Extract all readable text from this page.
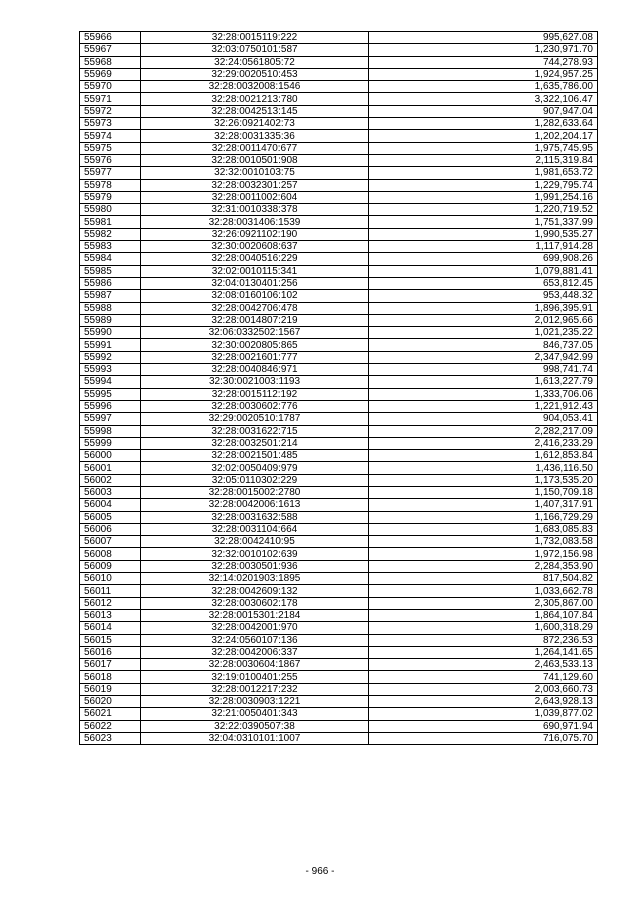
55966	32:28:0015119:222	995,627.08
55967	32:03:0750101:587	1,230,971.70
55968	32:24:0561805:72	744,278.93
55969	32:29:0020510:453	1,924,957.25
55970	32:28:0032008:1546	1,635,786.00
55971	32:28:0021213:780	3,322,106.47
55972	32:28:0042513:145	907,947.04
55973	32:26:0921402:73	1,282,633.64
55974	32:28:0031335:36	1,202,204.17
55975	32:28:0011470:677	1,975,745.95
55976	32:28:0010501:908	2,115,319.84
55977	32:32:0010103:75	1,981,653.72
55978	32:28:0032301:257	1,229,795.74
55979	32:28:0011002:604	1,991,254.16
55980	32:31:0010338:378	1,220,719.52
55981	32:28:0031406:1539	1,751,337.99
55982	32:26:0921102:190	1,990,535.27
55983	32:30:0020608:637	1,117,914.28
55984	32:28:0040516:229	699,908.26
55985	32:02:0010115:341	1,079,881.41
55986	32:04:0130401:256	653,812.45
55987	32:08:0160106:102	953,448.32
55988	32:28:0042706:478	1,896,395.91
55989	32:28:0014807:219	2,012,965.66
55990	32:06:0332502:1567	1,021,235.22
55991	32:30:0020805:865	846,737.05
55992	32:28:0021601:777	2,347,942.99
55993	32:28:0040846:971	998,741.74
55994	32:30:0021003:1193	1,613,227.79
55995	32:28:0015112:192	1,333,706.06
55996	32:28:0030602:776	1,221,912.43
55997	32:29:0020510:1787	904,053.41
55998	32:28:0031622:715	2,282,217.09
55999	32:28:0032501:214	2,416,233.29
56000	32:28:0021501:485	1,612,853.84
56001	32:02:0050409:979	1,436,116.50
56002	32:05:0110302:229	1,173,535.20
56003	32:28:0015002:2780	1,150,709.18
56004	32:28:0042006:1613	1,407,317.91
56005	32:28:0031632:588	1,166,729.29
56006	32:28:0031104:664	1,683,085.83
56007	32:28:0042410:95	1,732,083.58
56008	32:32:0010102:639	1,972,156.98
56009	32:28:0030501:936	2,284,353.90
56010	32:14:0201903:1895	817,504.82
56011	32:28:0042609:132	1,033,662.78
56012	32:28:0030602:178	2,305,867.00
56013	32:28:0015301:2184	1,864,107.84
56014	32:28:0042001:970	1,600,318.29
56015	32:24:0560107:136	872,236.53
56016	32:28:0042006:337	1,264,141.65
56017	32:28:0030604:1867	2,463,533.13
56018	32:19:0100401:255	741,129.60
56019	32:28:0012217:232	2,003,660.73
56020	32:28:0030903:1221	2,643,928.13
56021	32:21:0050401:343	1,039,877.02
56022	32:22:0390507:38	690,971.94
56023	32:04:0310101:1007	716,075.70
- 966 -
